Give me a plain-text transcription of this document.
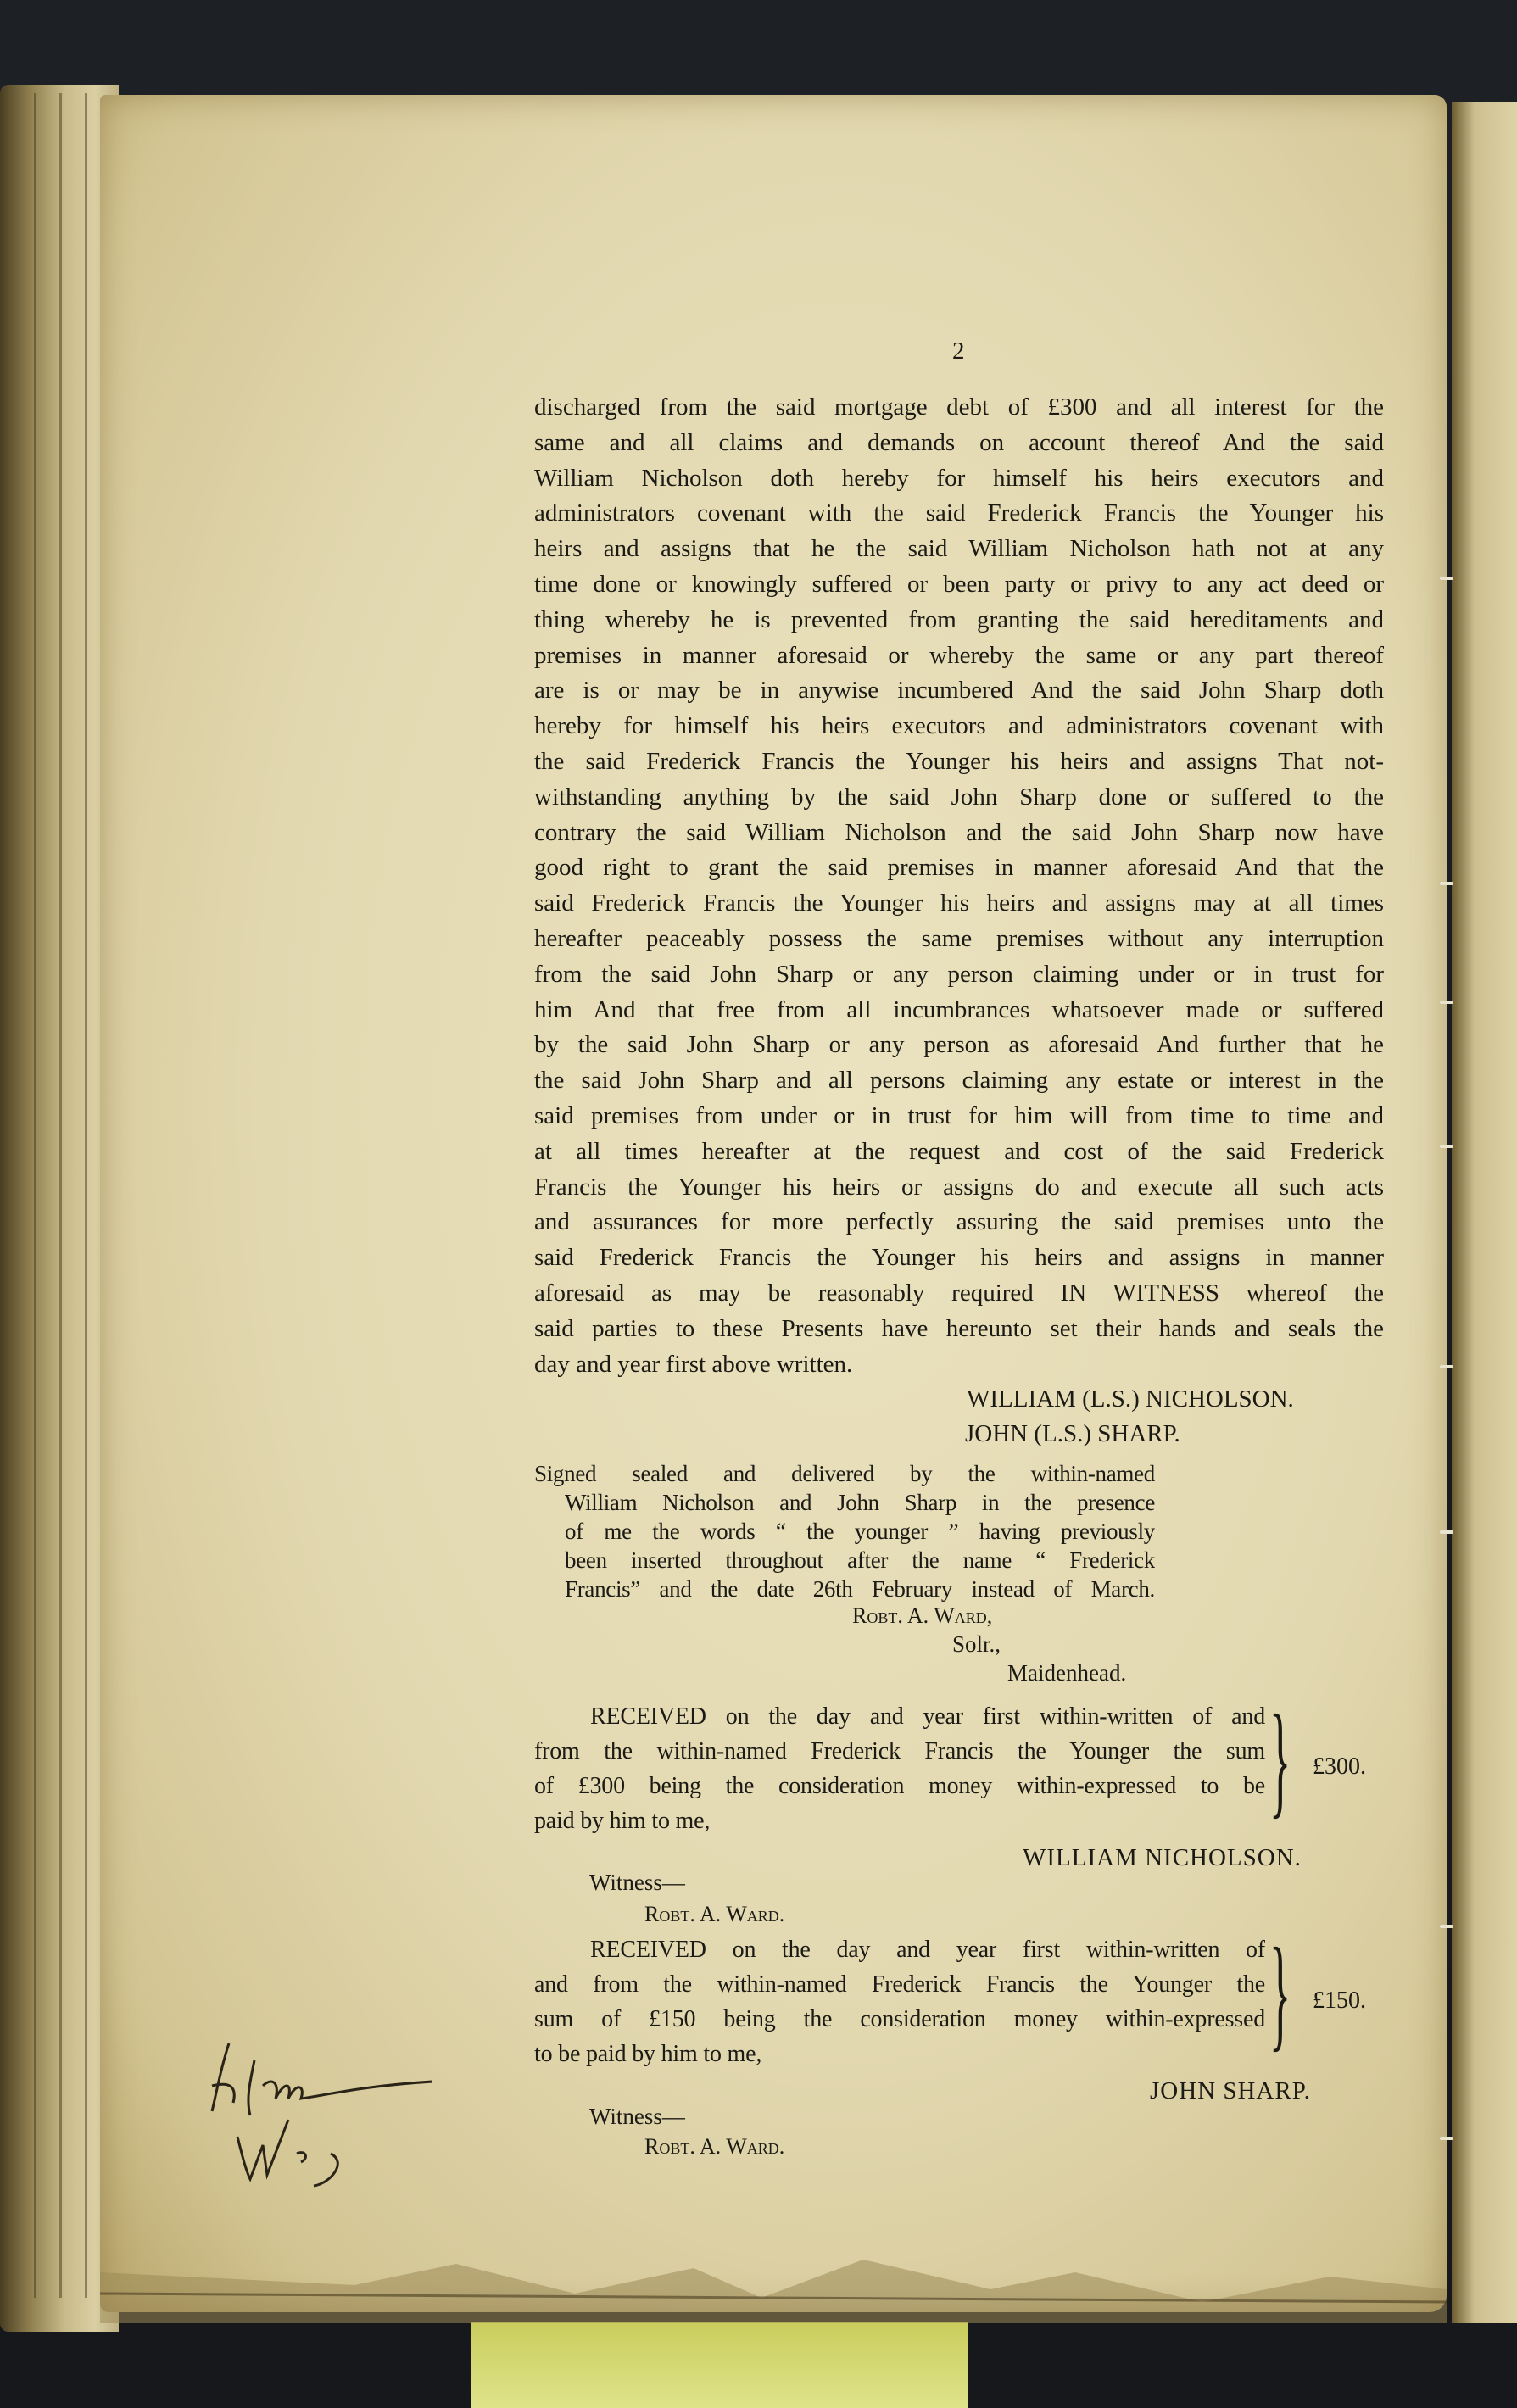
2
discharged from the said mortgage debt of £300 and all interest for the
same and all claims and demands on account thereof And the said
William Nicholson doth hereby for himself his heirs executors and
administrators covenant with the said Frederick Francis the Younger his
heirs and assigns that he the said William Nicholson hath not at any
time done or knowingly suffered or been party or privy to any act deed or
thing whereby he is prevented from granting the said hereditaments and
premises in manner aforesaid or whereby the same or any part thereof
are is or may be in anywise incumbered And the said John Sharp doth
hereby for himself his heirs executors and administrators covenant with
the said Frederick Francis the Younger his heirs and assigns That not-
withstanding anything by the said John Sharp done or suffered to the
contrary the said William Nicholson and the said John Sharp now have
good right to grant the said premises in manner aforesaid And that the
said Frederick Francis the Younger his heirs and assigns may at all times
hereafter peaceably possess the same premises without any interruption
from the said John Sharp or any person claiming under or in trust for
him And that free from all incumbrances whatsoever made or suffered
by the said John Sharp or any person as aforesaid And further that he
the said John Sharp and all persons claiming any estate or interest in the
said premises from under or in trust for him will from time to time and
at all times hereafter at the request and cost of the said Frederick
Francis the Younger his heirs or assigns do and execute all such acts
and assurances for more perfectly assuring the said premises unto the
said Frederick Francis the Younger his heirs and assigns in manner
aforesaid as may be reasonably required IN WITNESS whereof the
said parties to these Presents have hereunto set their hands and seals the
day and year first above written.
WILLIAM (L.S.) NICHOLSON.
JOHN (L.S.) SHARP.
Signed sealed and delivered by the within-named
William Nicholson and John Sharp in the presence
of me the words “ the younger ” having previously
been inserted throughout after the name “ Frederick
Francis” and the date 26th February instead of March.
Robt. A. Ward,
Solr.,
Maidenhead.
RECEIVED on the day and year first within-written of and
from the within-named Frederick Francis the Younger the sum
of £300 being the consideration money within-expressed to be
paid by him to me,	} £300.
WILLIAM NICHOLSON.
Witness—
Robt. A. Ward.
RECEIVED on the day and year first within-written of
and from the within-named Frederick Francis the Younger the
sum of £150 being the consideration money within-expressed
to be paid by him to me,	} £150.
JOHN SHARP.
Witness—
Robt. A. Ward.
